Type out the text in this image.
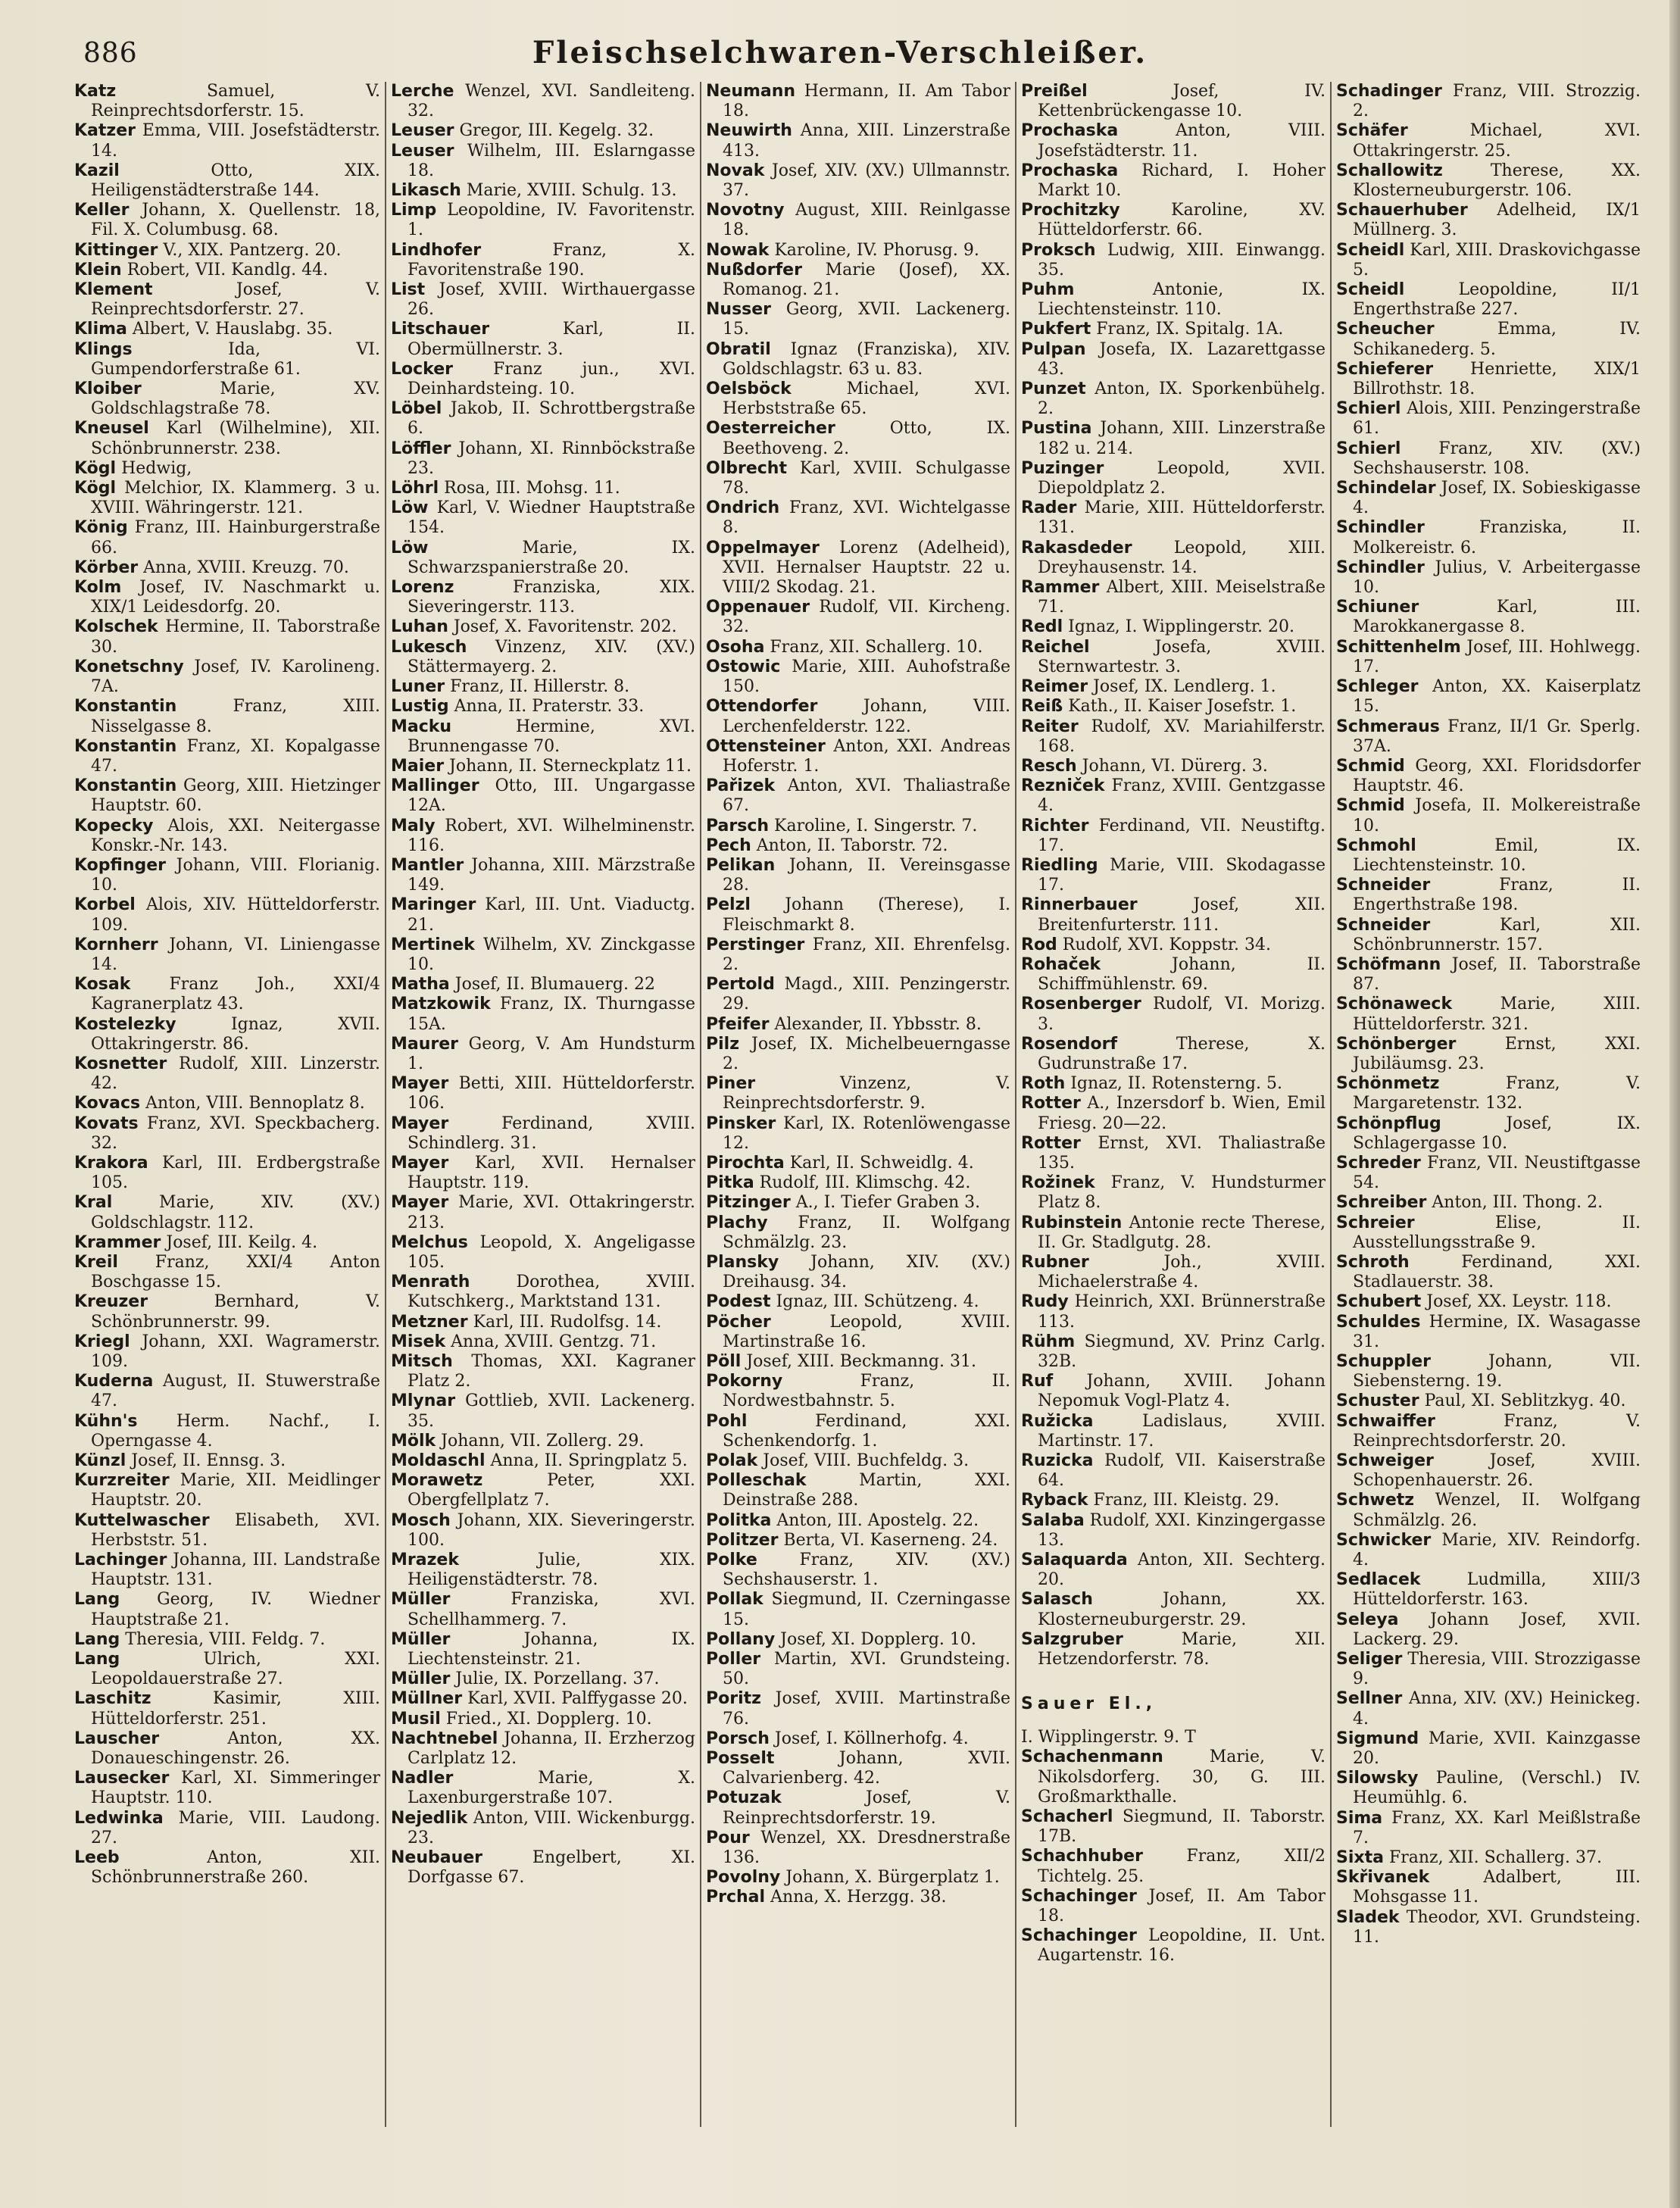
886	Fleischselchwaren-Verschleißer.
Katz Samuel, V. Reinprechtsdorferstr. 15.
Katzer Emma, VIII. Josefstädterstr. 14.
Kazil Otto, XIX. Heiligenstädterstraße 144.
Keller Johann, X. Quellenstr. 18, Fil. X. Columbusg. 68.
Kittinger V., XIX. Pantzerg. 20.
Klein Robert, VII. Kandlg. 44.
Klement Josef, V. Reinprechtsdorferstr. 27.
Klima Albert, V. Hauslabg. 35.
Klings Ida, VI. Gumpendorferstraße 61.
Kloiber Marie, XV. Goldschlagstraße 78.
Kneusel Karl (Wilhelmine), XII. Schönbrunnerstr. 238.
Kögl Hedwig,
Kögl Melchior, IX. Klammerg. 3 u. XVIII. Währingerstr. 121.
König Franz, III. Hainburgerstraße 66.
Körber Anna, XVIII. Kreuzg. 70.
Kolm Josef, IV. Naschmarkt u. XIX/1 Leidesdorfg. 20.
Kolschek Hermine, II. Taborstraße 30.
Konetschny Josef, IV. Karolineng. 7A.
Konstantin Franz, XIII. Nisselgasse 8.
Konstantin Franz, XI. Kopalgasse 47.
Konstantin Georg, XIII. Hietzinger Hauptstr. 60.
Kopecky Alois, XXI. Neitergasse Konskr.-Nr. 143.
Kopfinger Johann, VIII. Florianig. 10.
Korbel Alois, XIV. Hütteldorferstr. 109.
Kornherr Johann, VI. Liniengasse 14.
Kosak Franz Joh., XXI/4 Kagranerplatz 43.
Kostelezky Ignaz, XVII. Ottakringerstr. 86.
Kosnetter Rudolf, XIII. Linzerstr. 42.
Kovacs Anton, VIII. Bennoplatz 8.
Kovats Franz, XVI. Speckbacherg. 32.
Krakora Karl, III. Erdbergstraße 105.
Kral Marie, XIV. (XV.) Goldschlagstr. 112.
Krammer Josef, III. Keilg. 4.
Kreil Franz, XXI/4 Anton Boschgasse 15.
Kreuzer Bernhard, V. Schönbrunnerstr. 99.
Kriegl Johann, XXI. Wagramerstr. 109.
Kuderna August, II. Stuwerstraße 47.
Kühn's Herm. Nachf., I. Operngasse 4.
Künzl Josef, II. Ennsg. 3.
Kurzreiter Marie, XII. Meidlinger Hauptstr. 20.
Kuttelwascher Elisabeth, XVI. Herbststr. 51.
Lachinger Johanna, III. Landstraße Hauptstr. 131.
Lang Georg, IV. Wiedner Hauptstraße 21.
Lang Theresia, VIII. Feldg. 7.
Lang Ulrich, XXI. Leopoldauerstraße 27.
Laschitz Kasimir, XIII. Hütteldorferstr. 251.
Lauscher Anton, XX. Donaueschingenstr. 26.
Lausecker Karl, XI. Simmeringer Hauptstr. 110.
Ledwinka Marie, VIII. Laudong. 27.
Leeb Anton, XII. Schönbrunnerstraße 260.
Lerche Wenzel, XVI. Sandleiteng. 32.
Leuser Gregor, III. Kegelg. 32.
Leuser Wilhelm, III. Eslarngasse 18.
Likasch Marie, XVIII. Schulg. 13.
Limp Leopoldine, IV. Favoritenstr. 1.
Lindhofer Franz, X. Favoritenstraße 190.
List Josef, XVIII. Wirthauergasse 26.
Litschauer Karl, II. Obermüllnerstr. 3.
Locker Franz jun., XVI. Deinhardsteing. 10.
Löbel Jakob, II. Schrottbergstraße 6.
Löffler Johann, XI. Rinnböckstraße 23.
Löhrl Rosa, III. Mohsg. 11.
Löw Karl, V. Wiedner Hauptstraße 154.
Löw Marie, IX. Schwarzspanierstraße 20.
Lorenz Franziska, XIX. Sieveringerstr. 113.
Luhan Josef, X. Favoritenstr. 202.
Lukesch Vinzenz, XIV. (XV.) Stättermayerg. 2.
Luner Franz, II. Hillerstr. 8.
Lustig Anna, II. Praterstr. 33.
Macku Hermine, XVI. Brunnengasse 70.
Maier Johann, II. Sterneckplatz 11.
Mallinger Otto, III. Ungargasse 12A.
Maly Robert, XVI. Wilhelminenstr. 116.
Mantler Johanna, XIII. Märzstraße 149.
Maringer Karl, III. Unt. Viaductg. 21.
Mertinek Wilhelm, XV. Zinckgasse 10.
Matha Josef, II. Blumauerg. 22
Matzkowik Franz, IX. Thurngasse 15A.
Maurer Georg, V. Am Hundsturm 1.
Mayer Betti, XIII. Hütteldorferstr. 106.
Mayer Ferdinand, XVIII. Schindlerg. 31.
Mayer Karl, XVII. Hernalser Hauptstr. 119.
Mayer Marie, XVI. Ottakringerstr. 213.
Melchus Leopold, X. Angeligasse 105.
Menrath Dorothea, XVIII. Kutschkerg., Marktstand 131.
Metzner Karl, III. Rudolfsg. 14.
Misek Anna, XVIII. Gentzg. 71.
Mitsch Thomas, XXI. Kagraner Platz 2.
Mlynar Gottlieb, XVII. Lackenerg. 35.
Mölk Johann, VII. Zollerg. 29.
Moldaschl Anna, II. Springplatz 5.
Morawetz Peter, XXI. Obergfellplatz 7.
Mosch Johann, XIX. Sieveringerstr. 100.
Mrazek Julie, XIX. Heiligenstädterstr. 78.
Müller Franziska, XVI. Schellhammerg. 7.
Müller Johanna, IX. Liechtensteinstr. 21.
Müller Julie, IX. Porzellang. 37.
Müllner Karl, XVII. Palffygasse 20.
Musil Fried., XI. Dopplerg. 10.
Nachtnebel Johanna, II. Erzherzog Carlplatz 12.
Nadler Marie, X. Laxenburgerstraße 107.
Nejedlik Anton, VIII. Wickenburgg. 23.
Neubauer Engelbert, XI. Dorfgasse 67.
Neumann Hermann, II. Am Tabor 18.
Neuwirth Anna, XIII. Linzerstraße 413.
Novak Josef, XIV. (XV.) Ullmannstr. 37.
Novotny August, XIII. Reinlgasse 18.
Nowak Karoline, IV. Phorusg. 9.
Nußdorfer Marie (Josef), XX. Romanog. 21.
Nusser Georg, XVII. Lackenerg. 15.
Obratil Ignaz (Franziska), XIV. Goldschlagstr. 63 u. 83.
Oelsböck Michael, XVI. Herbststraße 65.
Oesterreicher Otto, IX. Beethoveng. 2.
Olbrecht Karl, XVIII. Schulgasse 78.
Ondrich Franz, XVI. Wichtelgasse 8.
Oppelmayer Lorenz (Adelheid), XVII. Hernalser Hauptstr. 22 u. VIII/2 Skodag. 21.
Oppenauer Rudolf, VII. Kircheng. 32.
Osoha Franz, XII. Schallerg. 10.
Ostowic Marie, XIII. Auhofstraße 150.
Ottendorfer Johann, VIII. Lerchenfelderstr. 122.
Ottensteiner Anton, XXI. Andreas Hoferstr. 1.
Pařizek Anton, XVI. Thaliastraße 67.
Parsch Karoline, I. Singerstr. 7.
Pech Anton, II. Taborstr. 72.
Pelikan Johann, II. Vereinsgasse 28.
Pelzl Johann (Therese), I. Fleischmarkt 8.
Perstinger Franz, XII. Ehrenfelsg. 2.
Pertold Magd., XIII. Penzingerstr. 29.
Pfeifer Alexander, II. Ybbsstr. 8.
Pilz Josef, IX. Michelbeuerngasse 2.
Piner Vinzenz, V. Reinprechtsdorferstr. 9.
Pinsker Karl, IX. Rotenlöwengasse 12.
Pirochta Karl, II. Schweidlg. 4.
Pitka Rudolf, III. Klimschg. 42.
Pitzinger A., I. Tiefer Graben 3.
Plachy Franz, II. Wolfgang Schmälzlg. 23.
Plansky Johann, XIV. (XV.) Dreihausg. 34.
Podest Ignaz, III. Schützeng. 4.
Pöcher Leopold, XVIII. Martinstraße 16.
Pöll Josef, XIII. Beckmanng. 31.
Pokorny Franz, II. Nordwestbahnstr. 5.
Pohl Ferdinand, XXI. Schenkendorfg. 1.
Polak Josef, VIII. Buchfeldg. 3.
Polleschak Martin, XXI. Deinstraße 288.
Politka Anton, III. Apostelg. 22.
Politzer Berta, VI. Kaserneng. 24.
Polke Franz, XIV. (XV.) Sechshauserstr. 1.
Pollak Siegmund, II. Czerningasse 15.
Pollany Josef, XI. Dopplerg. 10.
Poller Martin, XVI. Grundsteing. 50.
Poritz Josef, XVIII. Martinstraße 76.
Porsch Josef, I. Köllnerhofg. 4.
Posselt Johann, XVII. Calvarienberg. 42.
Potuzak Josef, V. Reinprechtsdorferstr. 19.
Pour Wenzel, XX. Dresdnerstraße 136.
Povolny Johann, X. Bürgerplatz 1.
Prchal Anna, X. Herzgg. 38.
Preißel Josef, IV. Kettenbrückengasse 10.
Prochaska Anton, VIII. Josefstädterstr. 11.
Prochaska Richard, I. Hoher Markt 10.
Prochitzky Karoline, XV. Hütteldorferstr. 66.
Proksch Ludwig, XIII. Einwangg. 35.
Puhm Antonie, IX. Liechtensteinstr. 110.
Pukfert Franz, IX. Spitalg. 1A.
Pulpan Josefa, IX. Lazarettgasse 43.
Punzet Anton, IX. Sporkenbühelg. 2.
Pustina Johann, XIII. Linzerstraße 182 u. 214.
Puzinger Leopold, XVII. Diepoldplatz 2.
Rader Marie, XIII. Hütteldorferstr. 131.
Rakasdeder Leopold, XIII. Dreyhausenstr. 14.
Rammer Albert, XIII. Meiselstraße 71.
Redl Ignaz, I. Wipplingerstr. 20.
Reichel Josefa, XVIII. Sternwartestr. 3.
Reimer Josef, IX. Lendlerg. 1.
Reiß Kath., II. Kaiser Josefstr. 1.
Reiter Rudolf, XV. Mariahilferstr. 168.
Resch Johann, VI. Dürerg. 3.
Rezniček Franz, XVIII. Gentzgasse 4.
Richter Ferdinand, VII. Neustiftg. 17.
Riedling Marie, VIII. Skodagasse 17.
Rinnerbauer Josef, XII. Breitenfurterstr. 111.
Rod Rudolf, XVI. Koppstr. 34.
Rohaček Johann, II. Schiffmühlenstr. 69.
Rosenberger Rudolf, VI. Morizg. 3.
Rosendorf Therese, X. Gudrunstraße 17.
Roth Ignaz, II. Rotensterng. 5.
Rotter A., Inzersdorf b. Wien, Emil Friesg. 20—22.
Rotter Ernst, XVI. Thaliastraße 135.
Rožinek Franz, V. Hundsturmer Platz 8.
Rubinstein Antonie recte Therese, II. Gr. Stadlgutg. 28.
Rubner Joh., XVIII. Michaelerstraße 4.
Rudy Heinrich, XXI. Brünnerstraße 113.
Rühm Siegmund, XV. Prinz Carlg. 32B.
Ruf Johann, XVIII. Johann Nepomuk Vogl-Platz 4.
Ružicka Ladislaus, XVIII. Martinstr. 17.
Ruzicka Rudolf, VII. Kaiserstraße 64.
Ryback Franz, III. Kleistg. 29.
Salaba Rudolf, XXI. Kinzingergasse 13.
Salaquarda Anton, XII. Sechterg. 20.
Salasch Johann, XX. Klosterneuburgerstr. 29.
Salzgruber Marie, XII. Hetzendorferstr. 78.
Sauer El.,
I. Wipplingerstr. 9. T
Schachenmann Marie, V. Nikolsdorferg. 30, G. III. Großmarkthalle.
Schacherl Siegmund, II. Taborstr. 17B.
Schachhuber Franz, XII/2 Tichtelg. 25.
Schachinger Josef, II. Am Tabor 18.
Schachinger Leopoldine, II. Unt. Augartenstr. 16.
Schadinger Franz, VIII. Strozzig. 2.
Schäfer Michael, XVI. Ottakringerstr. 25.
Schallowitz Therese, XX. Klosterneuburgerstr. 106.
Schauerhuber Adelheid, IX/1 Müllnerg. 3.
Scheidl Karl, XIII. Draskovichgasse 5.
Scheidl Leopoldine, II/1 Engerthstraße 227.
Scheucher Emma, IV. Schikanederg. 5.
Schieferer Henriette, XIX/1 Billrothstr. 18.
Schierl Alois, XIII. Penzingerstraße 61.
Schierl Franz, XIV. (XV.) Sechshauserstr. 108.
Schindelar Josef, IX. Sobieskigasse 4.
Schindler Franziska, II. Molkereistr. 6.
Schindler Julius, V. Arbeitergasse 10.
Schiuner Karl, III. Marokkanergasse 8.
Schittenhelm Josef, III. Hohlwegg. 17.
Schleger Anton, XX. Kaiserplatz 15.
Schmeraus Franz, II/1 Gr. Sperlg. 37A.
Schmid Georg, XXI. Floridsdorfer Hauptstr. 46.
Schmid Josefa, II. Molkereistraße 10.
Schmohl Emil, IX. Liechtensteinstr. 10.
Schneider Franz, II. Engerthstraße 198.
Schneider Karl, XII. Schönbrunnerstr. 157.
Schöfmann Josef, II. Taborstraße 87.
Schönaweck Marie, XIII. Hütteldorferstr. 321.
Schönberger Ernst, XXI. Jubiläumsg. 23.
Schönmetz Franz, V. Margaretenstr. 132.
Schönpflug Josef, IX. Schlagergasse 10.
Schreder Franz, VII. Neustiftgasse 54.
Schreiber Anton, III. Thong. 2.
Schreier Elise, II. Ausstellungsstraße 9.
Schroth Ferdinand, XXI. Stadlauerstr. 38.
Schubert Josef, XX. Leystr. 118.
Schuldes Hermine, IX. Wasagasse 31.
Schuppler Johann, VII. Siebensterng. 19.
Schuster Paul, XI. Seblitzkyg. 40.
Schwaiffer Franz, V. Reinprechtsdorferstr. 20.
Schweiger Josef, XVIII. Schopenhauerstr. 26.
Schwetz Wenzel, II. Wolfgang Schmälzlg. 26.
Schwicker Marie, XIV. Reindorfg. 4.
Sedlacek Ludmilla, XIII/3 Hütteldorferstr. 163.
Seleya Johann Josef, XVII. Lackerg. 29.
Seliger Theresia, VIII. Strozzigasse 9.
Sellner Anna, XIV. (XV.) Heinickeg. 4.
Sigmund Marie, XVII. Kainzgasse 20.
Silowsky Pauline, (Verschl.) IV. Heumühlg. 6.
Sima Franz, XX. Karl Meißlstraße 7.
Sixta Franz, XII. Schallerg. 37.
Skřivanek Adalbert, III. Mohsgasse 11.
Sladek Theodor, XVI. Grundsteing. 11.
